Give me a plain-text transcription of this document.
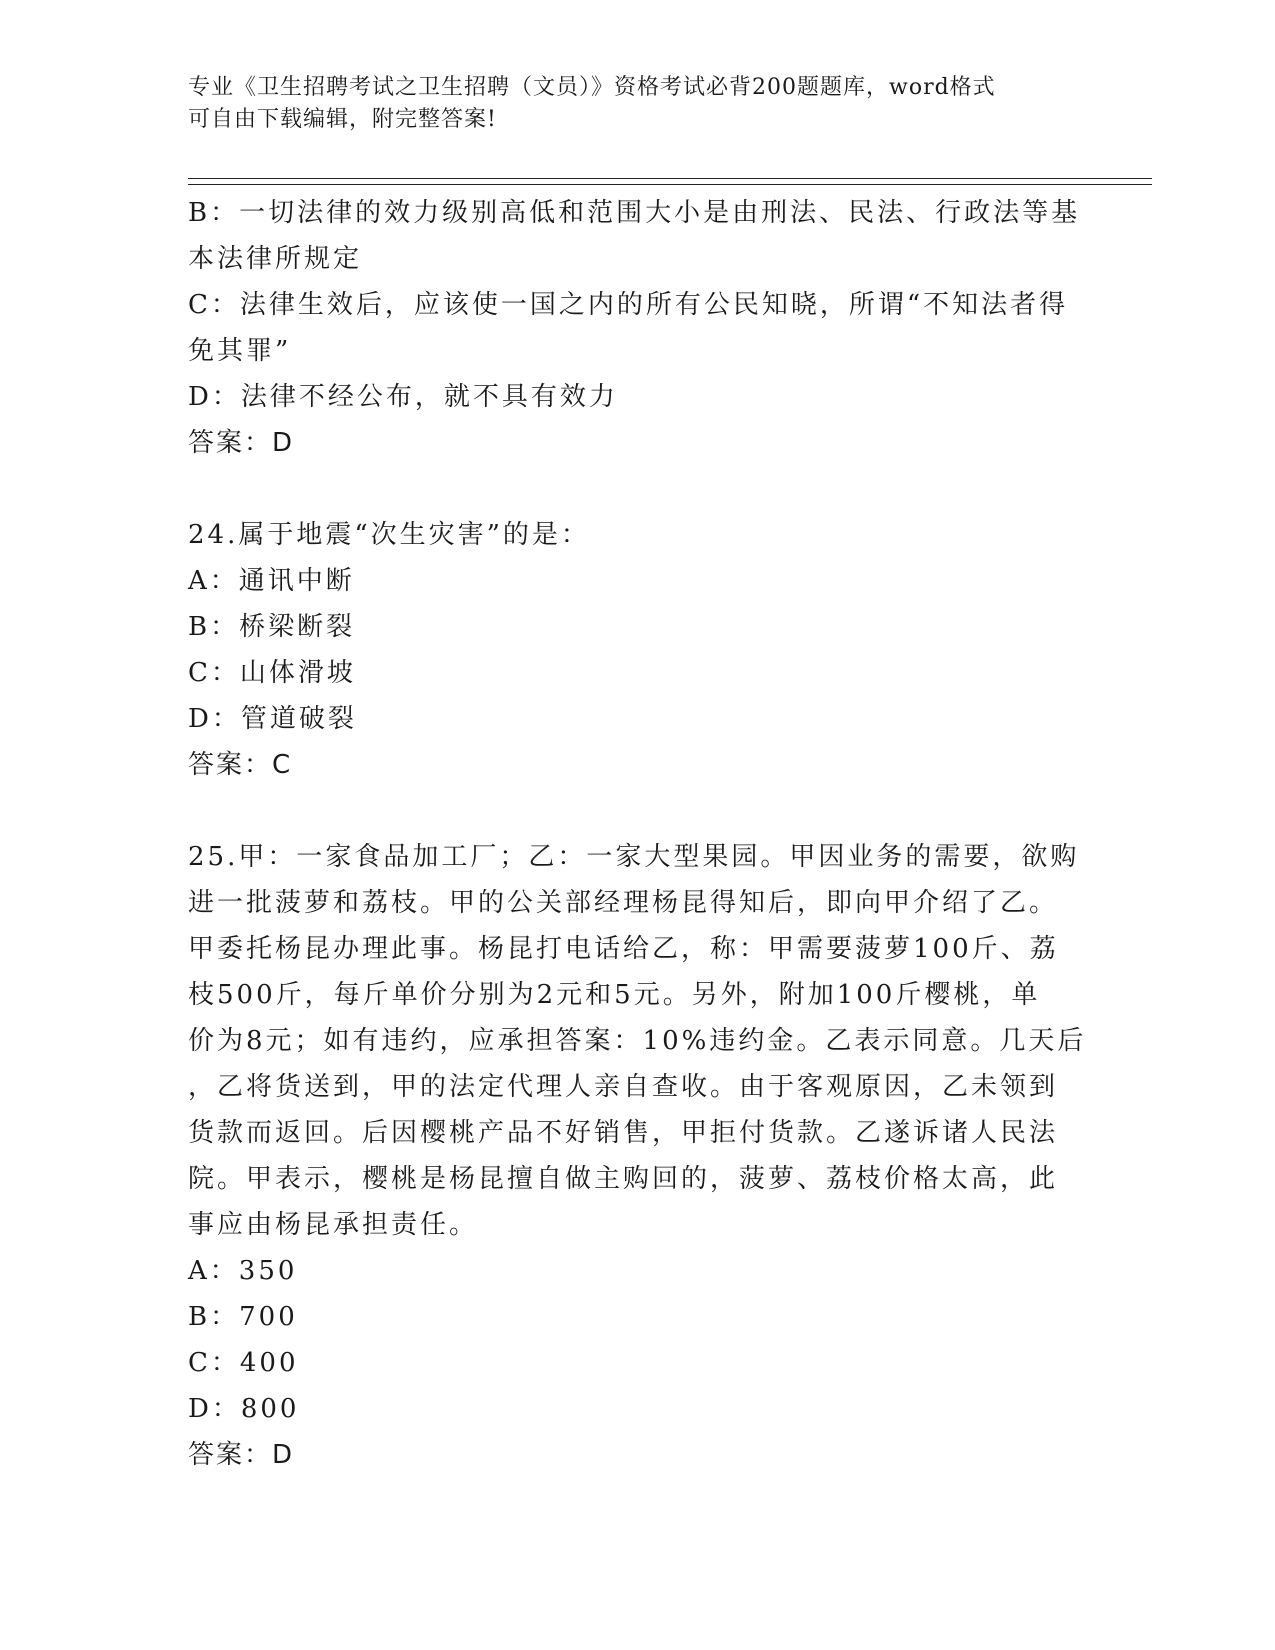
专业《卫生招聘考试之卫生招聘（文员）》资格考试必背200题题库，word格式
可自由下载编辑，附完整答案!
B：一切法律的效力级别高低和范围大小是由刑法、民法、行政法等基
本法律所规定
C：法律生效后，应该使一国之内的所有公民知晓，所谓“不知法者得
免其罪”
D：法律不经公布，就不具有效力
答案：D
24.属于地震“次生灾害”的是：
A：通讯中断
B：桥梁断裂
C：山体滑坡
D：管道破裂
答案：C
25.甲：一家食品加工厂；乙：一家大型果园。甲因业务的需要，欲购
进一批菠萝和荔枝。甲的公关部经理杨昆得知后，即向甲介绍了乙。
甲委托杨昆办理此事。杨昆打电话给乙，称：甲需要菠萝100斤、荔
枝500斤，每斤单价分别为2元和5元。另外，附加100斤樱桃，单
价为8元；如有违约，应承担答案：10%违约金。乙表示同意。几天后
，乙将货送到，甲的法定代理人亲自查收。由于客观原因，乙未领到
货款而返回。后因樱桃产品不好销售，甲拒付货款。乙遂诉诸人民法
院。甲表示，樱桃是杨昆擅自做主购回的，菠萝、荔枝价格太高，此
事应由杨昆承担责任。
A：350
B：700
C：400
D：800
答案：D
